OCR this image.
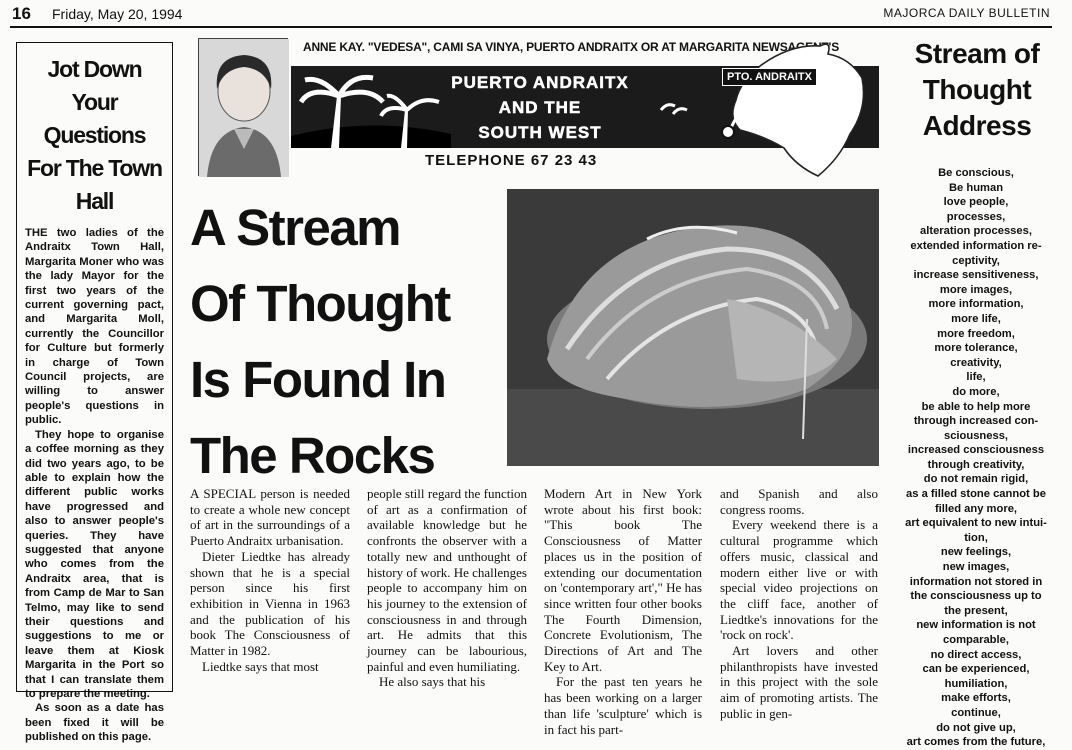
16 Friday, May 20, 1994	MAJORCA DAILY BULLETIN
Jot Down Your Questions For The Town Hall

THE two ladies of the Andraitx Town Hall, Margarita Moner who was the lady Mayor for the first two years of the current governing pact, and Margarita Moll, currently the Councillor for Culture but formerly in charge of Town Council projects, are willing to answer people's questions in public.

They hope to organise a coffee morning as they did two years ago, to be able to explain how the different public works have progressed and also to answer people's queries. They have suggested that anyone who comes from the Andraitx area, that is from Camp de Mar to San Telmo, may like to send their questions and suggestions to me or leave them at Kiosk Margarita in the Port so that I can translate them to prepare the meeting.

As soon as a date has been fixed it will be published on this page.

ANNE KAY. "VEDESA", CAMI SA VINYA, PUERTO ANDRAITX OR AT MARGARITA NEWSAGENT'S
PUERTO ANDRAITX
AND THE
SOUTH WEST
PTO. ANDRAITX
TELEPHONE 67 23 43
A Stream
Of Thought
Is Found In
The Rocks

A SPECIAL person is needed to create a whole new concept of art in the surroundings of a Puerto Andraitx urbanisation.

Dieter Liedtke has already shown that he is a special person since his first exhibition in Vienna in 1963 and the publication of his book The Consciousness of Matter in 1982.

Liedtke says that most

people still regard the function of art as a confirmation of available knowledge but he confronts the observer with a totally new and unthought of history of work. He challenges people to accompany him on his journey to the extension of consciousness in and through art. He admits that this journey can be labourious, painful and even humiliating.

He also says that his

Modern Art in New York wrote about his first book: "This book The Consciousness of Matter places us in the position of extending our documentation on 'contemporary art'," He has since written four other books The Fourth Dimension, Concrete Evolutionism, The Directions of Art and The Key to Art.

For the past ten years he has been working on a larger than life 'sculpture' which is in fact his part-

and Spanish and also congress rooms.

Every weekend there is a cultural programme which offers music, classical and modern either live or with special video projections on the cliff face, another of Liedtke's innovations for the 'rock on rock'.

Art lovers and other philanthropists have invested in this project with the sole aim of promoting artists. The public in gen-

Stream of Thought Address
Be conscious,
Be human
love people,
processes,
alteration processes,
extended information re-
ceptivity,
increase sensitiveness,
more images,
more information,
more life,
more freedom,
more tolerance,
creativity,
life,
do more,
be able to help more
through increased con-
sciousness,
increased consciousness
through creativity,
do not remain rigid,
as a filled stone cannot be
filled any more,
art equivalent to new intui-
tion,
new feelings,
new images,
information not stored in
the consciousness up to
the present,
new information is not
comparable,
no direct access,
can be experienced,
humiliation,
make efforts,
continue,
do not give up,
art comes from the future,
